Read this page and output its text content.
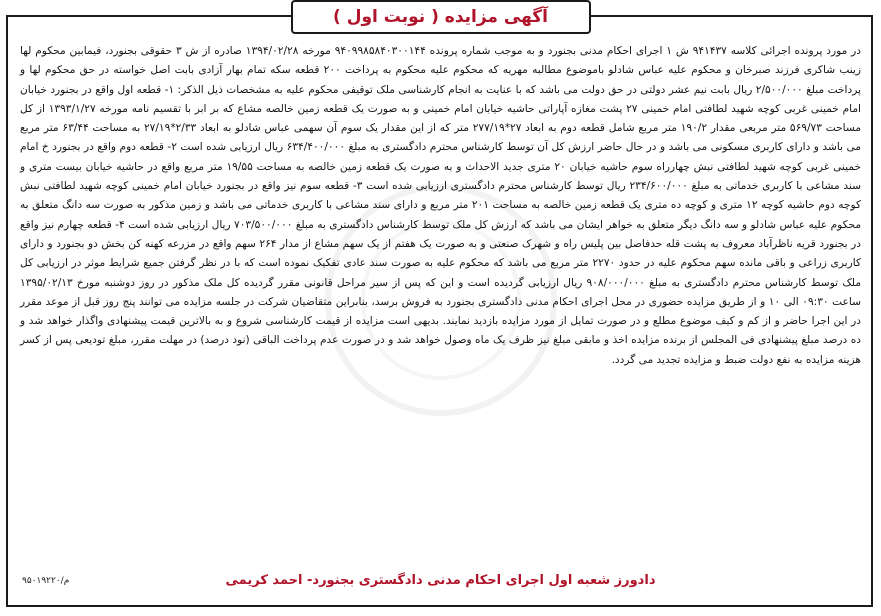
آگهی مزایده ( نوبت اول )

در مورد پرونده اجرائی کلاسه ۹۴۱۴۳۷ ش ۱ اجرای احکام مدنی بجنورد و به موجب شماره پرونده ۹۴۰۹۹۸۵۸۴۰۳۰۰۱۴۴ مورخه ۱۳۹۴/۰۲/۲۸ صادره از ش ۳ حقوقی بجنورد، فیمابین محکوم لها زینب شاکری فرزند صبرخان و محکوم علیه عباس شادلو باموضوع مطالبه مهریه که محکوم علیه محکوم به پرداخت ۲۰۰ قطعه سکه تمام بهار آزادی بابت اصل خواسته در حق محکوم لها و پرداخت مبلغ ۲/۵۰۰/۰۰۰ ریال بابت نیم عشر دولتی در حق دولت می باشد که با عنایت به انجام کارشناسی ملک توقیفی محکوم علیه به مشخصات ذیل الذکر: ۱- قطعه اول واقع در بجنورد خیابان امام خمینی غربی کوچه شهید لطافتی امام خمینی ۲۷ پشت مغازه آپاراتی حاشیه خیابان امام خمینی و به صورت یک قطعه زمین خالصه مشاع که بر ابر با تقسیم نامه مورخه ۱۳۹۳/۱/۲۷ از کل مساحت ۵۶۹/۷۳ متر مربعی مقدار ۱۹۰/۲ متر مربع شامل قطعه دوم به ابعاد ۲۷*۲۷۷/۱۹ متر که از این مقدار یک سوم آن سهمی عباس شادلو به ابعاد ۲/۳۳*۲۷/۱۹ به مساحت ۶۳/۴۴ متر مربع می باشد و دارای کاربری مسکونی می باشد و در حال حاضر ارزش کل آن توسط کارشناس محترم دادگستری به مبلغ ۶۳۴/۴۰۰/۰۰۰ ریال ارزیابی شده است ۲- قطعه دوم واقع در بجنورد خ امام خمینی غربی کوچه شهید لطافتی نبش چهارراه سوم حاشیه خیابان ۲۰ متری جدید الاحداث و به صورت یک قطعه زمین خالصه به مساحت ۱۹/۵۵ متر مربع واقع در حاشیه خیابان بیست متری و سند مشاعی با کاربری خدماتی به مبلغ ۲۳۴/۶۰۰/۰۰۰ ریال توسط کارشناس محترم دادگستری ارزیابی شده است ۳- قطعه سوم نیز واقع در بجنورد خیابان امام خمینی کوچه شهید لطافتی نبش کوچه دوم حاشیه کوچه ۱۲ متری و کوچه ده متری یک قطعه زمین خالصه به مساحت ۲۰۱ متر مربع و دارای سند مشاعی با کاربری خدماتی می باشد و زمین مذکور به صورت سه دانگ متعلق به محکوم علیه عباس شادلو و سه دانگ دیگر متعلق به خواهر ایشان می باشد که ارزش کل ملک توسط کارشناس دادگستری به مبلغ ۷۰۳/۵۰۰/۰۰۰ ریال ارزیابی شده است ۴- قطعه چهارم نیز واقع در بجنورد قریه ناظرآباد معروف به پشت قله حدفاصل بین پلیس راه و شهرک صنعتی و به صورت یک هفتم از یک سهم مشاع از مدار ۲۶۴ سهم واقع در مزرعه کهنه کن بخش دو بجنورد و دارای کاربری زراعی و باقی مانده سهم محکوم علیه در حدود ۲۲۷۰ متر مربع می باشد که محکوم علیه به صورت سند عادی تفکیک نموده است که با در نظر گرفتن جمیع شرایط موثر در ارزیابی کل ملک توسط کارشناس محترم دادگستری به مبلغ ۹۰۸/۰۰۰/۰۰۰ ریال ارزیابی گردیده است و این که پس از سیر مراحل قانونی مقرر گردیده کل ملک مذکور در روز دوشنبه مورخ ۱۳۹۵/۰۲/۱۳ ساعت ۰۹:۳۰ الی ۱۰ و از طریق مزایده حضوری در محل اجرای احکام مدنی دادگستری بجنورد به فروش برسد، بنابراین متقاضیان شرکت در جلسه مزایده می توانند پنج روز قبل از موعد مقرر در این اجرا حاضر و از کم و کیف موضوع مطلع و در صورت تمایل از مورد مزایده بازدید نمایند. بدیهی است مزایده از قیمت کارشناسی شروع و به بالاترین قیمت پیشنهادی واگذار خواهد شد و ده درصد مبلغ پیشنهادی فی المجلس از برنده مزایده اخذ و مابقی مبلغ نیز ظرف یک ماه وصول خواهد شد و در صورت عدم پرداخت الباقی (نود درصد) در مهلت مقرر، مبلغ تودیعی پس از کسر هزینه مزایده به نفع دولت ضبط و مزایده تجدید می گردد.

دادورز شعبه اول اجرای احکام مدنی دادگستری بجنورد- احمد کریمی
م/۹۵۰۱۹۲۲۰
